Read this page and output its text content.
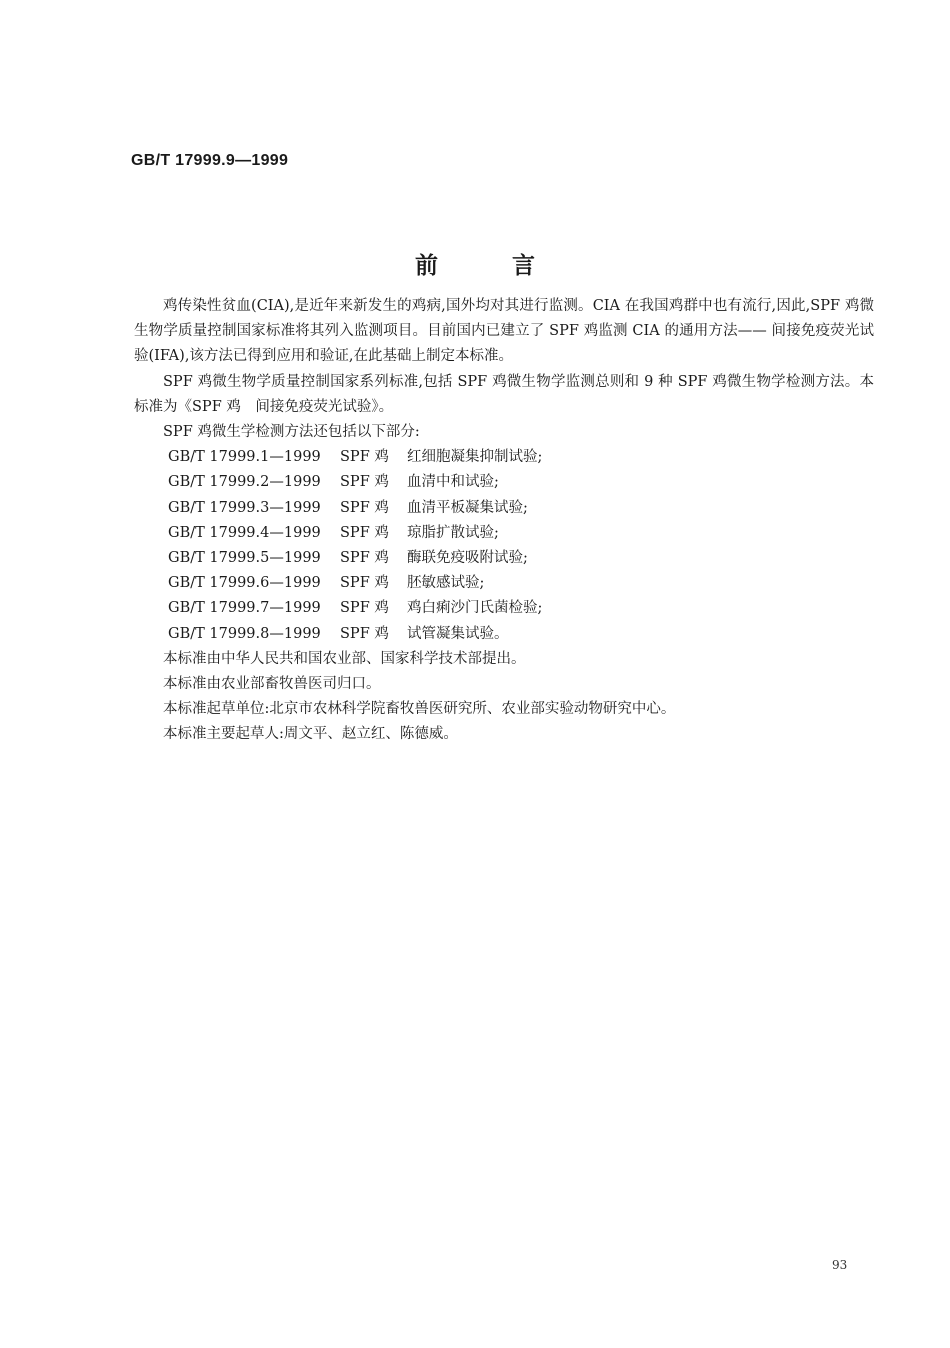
GB/T 17999.9—1999
前言

鸡传染性贫血(CIA),是近年来新发生的鸡病,国外均对其进行监测。CIA 在我国鸡群中也有流行,因此,SPF 鸡微生物学质量控制国家标准将其列入监测项目。目前国内已建立了 SPF 鸡监测 CIA 的通用方法—— 间接免疫荧光试验(IFA),该方法已得到应用和验证,在此基础上制定本标准。

SPF 鸡微生物学质量控制国家系列标准,包括 SPF 鸡微生物学监测总则和 9 种 SPF 鸡微生物学检测方法。本标准为《SPF 鸡　间接免疫荧光试验》。

SPF 鸡微生学检测方法还包括以下部分:

GB/T 17999.1—1999 SPF 鸡 红细胞凝集抑制试验;
GB/T 17999.2—1999 SPF 鸡 血清中和试验;
GB/T 17999.3—1999 SPF 鸡 血清平板凝集试验;
GB/T 17999.4—1999 SPF 鸡 琼脂扩散试验;
GB/T 17999.5—1999 SPF 鸡 酶联免疫吸附试验;
GB/T 17999.6—1999 SPF 鸡 胚敏感试验;
GB/T 17999.7—1999 SPF 鸡 鸡白痢沙门氏菌检验;
GB/T 17999.8—1999 SPF 鸡 试管凝集试验。

本标准由中华人民共和国农业部、国家科学技术部提出。

本标准由农业部畜牧兽医司归口。

本标准起草单位:北京市农林科学院畜牧兽医研究所、农业部实验动物研究中心。

本标准主要起草人:周文平、赵立红、陈德威。

93
